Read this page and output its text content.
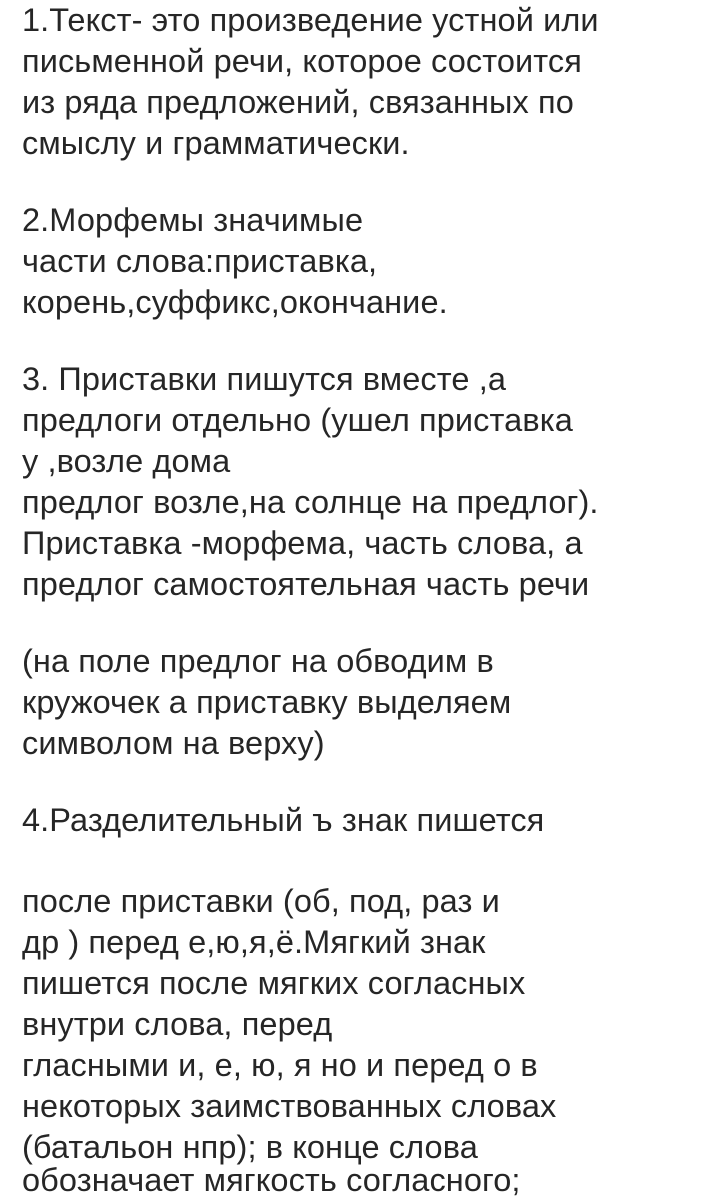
1.Текст- это произведение устной или

письменной речи, которое состоится

из ряда предложений, связанных по

смыслу и грамматически.

2.Морфемы значимые

части слова:приставка,

корень,суффикс,окончание.

3. Приставки пишутся вместе ,а

предлоги отдельно (ушел приставка

у ,возле дома

предлог возле,на солнце на предлог).

Приставка -морфема, часть слова, а

предлог самостоятельная часть речи

(на поле предлог на обводим в

кружочек а приставку выделяем

символом на верху)

4.Разделительный ъ знак пишется

после приставки (об, под, раз и

др ) перед е,ю,я,ё.Мягкий знак

пишется после мягких согласных

внутри слова, перед

гласными и, е, ю, я но и перед о в

некоторых заимствованных словах

(батальон нпр); в конце слова

обозначает мягкость согласного;
